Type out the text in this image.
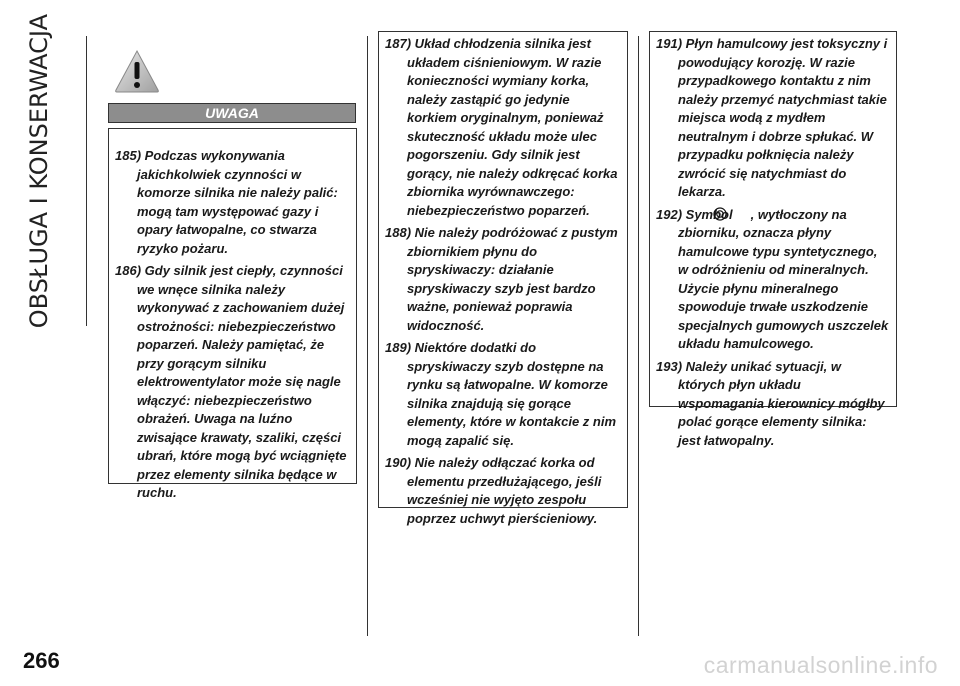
OBSŁUGA I KONSERWACJA	UWAGA

185) Podczas wykonywania jakichkolwiek czynności w komorze silnika nie należy palić: mogą tam występować gazy i opary łatwopalne, co stwarza ryzyko pożaru.

186) Gdy silnik jest ciepły, czynności we wnęce silnika należy wykonywać z zachowaniem dużej ostrożności: niebezpieczeństwo poparzeń. Należy pamiętać, że przy gorącym silniku elektrowentylator może się nagle włączyć: niebezpieczeństwo obrażeń. Uwaga na luźno zwisające krawaty, szaliki, części ubrań, które mogą być wciągnięte przez elementy silnika będące w ruchu.

187) Układ chłodzenia silnika jest układem ciśnieniowym. W razie konieczności wymiany korka, należy zastąpić go jedynie korkiem oryginalnym, ponieważ skuteczność układu może ulec pogorszeniu. Gdy silnik jest gorący, nie należy odkręcać korka zbiornika wyrównawczego: niebezpieczeństwo poparzeń.

188) Nie należy podróżować z pustym zbiornikiem płynu do spryskiwaczy: działanie spryskiwaczy szyb jest bardzo ważne, ponieważ poprawia widoczność.

189) Niektóre dodatki do spryskiwaczy szyb dostępne na rynku są łatwopalne. W komorze silnika znajdują się gorące elementy, które w kontakcie z nim mogą zapalić się.

190) Nie należy odłączać korka od elementu przedłużającego, jeśli wcześniej nie wyjęto zespołu poprzez uchwyt pierścieniowy.

191) Płyn hamulcowy jest toksyczny i powodujący korozję. W razie przypadkowego kontaktu z nim należy przemyć natychmiast takie miejsca wodą z mydłem neutralnym i dobrze spłukać. W przypadku połknięcia należy zwrócić się natychmiast do lekarza.

192) Symbol , wytłoczony na zbiorniku, oznacza płyny hamulcowe typu syntetycznego, w odróżnieniu od mineralnych. Użycie płynu mineralnego spowoduje trwałe uszkodzenie specjalnych gumowych uszczelek układu hamulcowego.

193) Należy unikać sytuacji, w których płyn układu wspomagania kierownicy mógłby polać gorące elementy silnika: jest łatwopalny.

266	carmanualsonline.info
